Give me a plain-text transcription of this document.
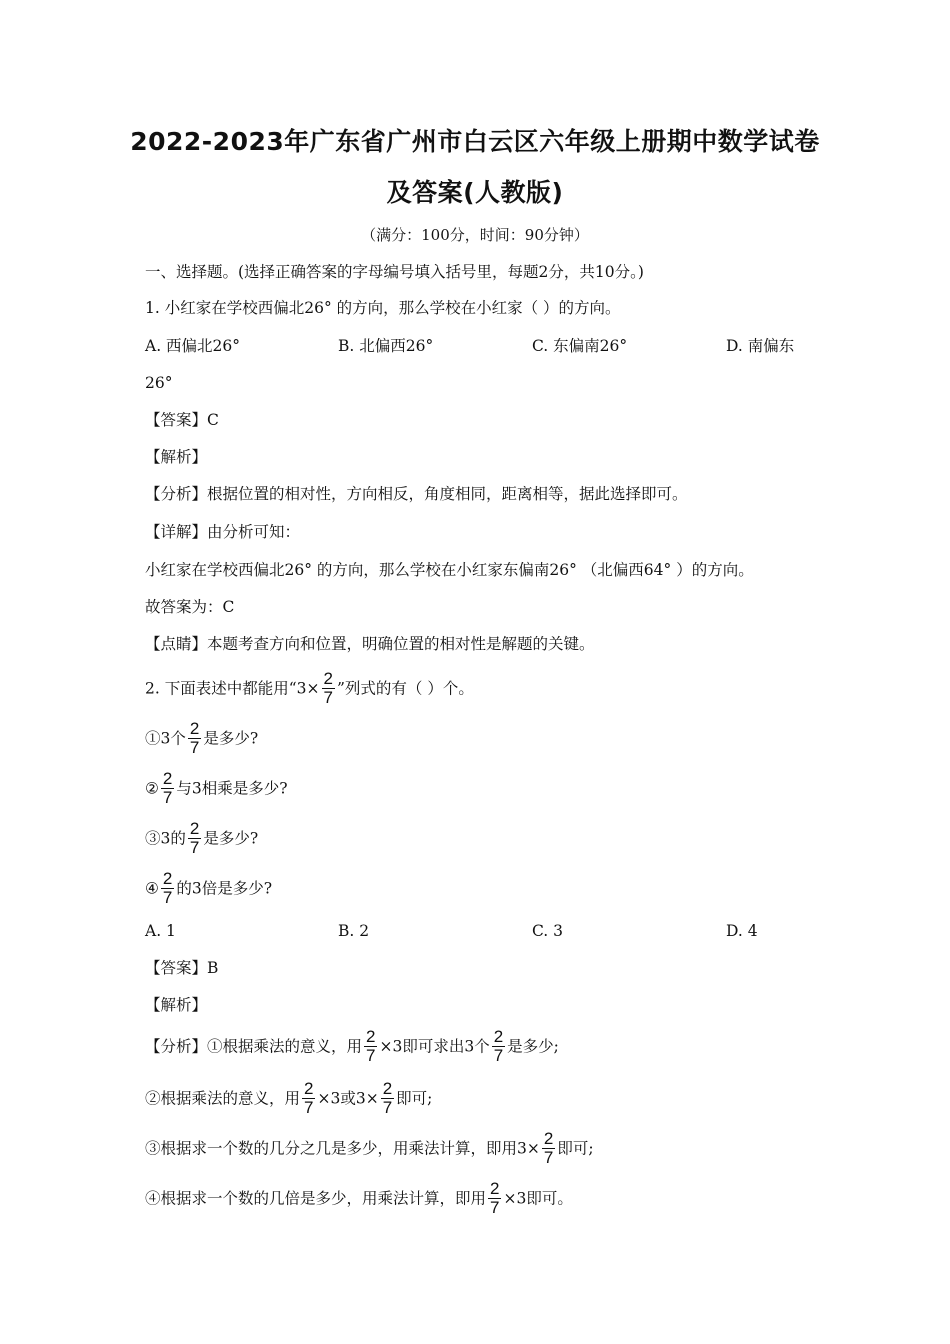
2022-2023年广东省广州市白云区六年级上册期中数学试卷
及答案(人教版)
（满分：100分，时间：90分钟）
一、选择题。(选择正确答案的字母编号填入括号里，每题2分，共10分。)
1. 小红家在学校西偏北26° 的方向，那么学校在小红家（ ）的方向。
A. 西偏北26°	B. 北偏西26°	C. 东偏南26°	D. 南偏东
26°
【答案】C
【解析】
【分析】根据位置的相对性，方向相反，角度相同，距离相等，据此选择即可。
【详解】由分析可知：
小红家在学校西偏北26° 的方向，那么学校在小红家东偏南26° （北偏西64° ）的方向。
故答案为：C
【点睛】本题考查方向和位置，明确位置的相对性是解题的关键。
2. 下面表述中都能用“$3\times \frac{2}{7}$ ”列式的有（ ）个。
①3个 $\frac{2}{7}$ 是多少?
② $\frac{2}{7}$ 与3相乘是多少?
③3的 $\frac{2}{7}$ 是多少?
④ $\frac{2}{7}$ 的3倍是多少?
A. 1	B. 2	C. 3	D. 4
【答案】B
【解析】
【分析】①根据乘法的意义，用 $\frac{2}{7} \times 3$即可求出3个 $\frac{2}{7}$ 是多少;
②根据乘法的意义，用 $\frac{2}{7} \times 3$或$3\times \frac{2}{7}$ 即可;
③根据求一个数的几分之几是多少，用乘法计算，即用$3\times \frac{2}{7}$ 即可;
④根据求一个数的几倍是多少，用乘法计算，即用 $\frac{2}{7} \times 3$即可。
